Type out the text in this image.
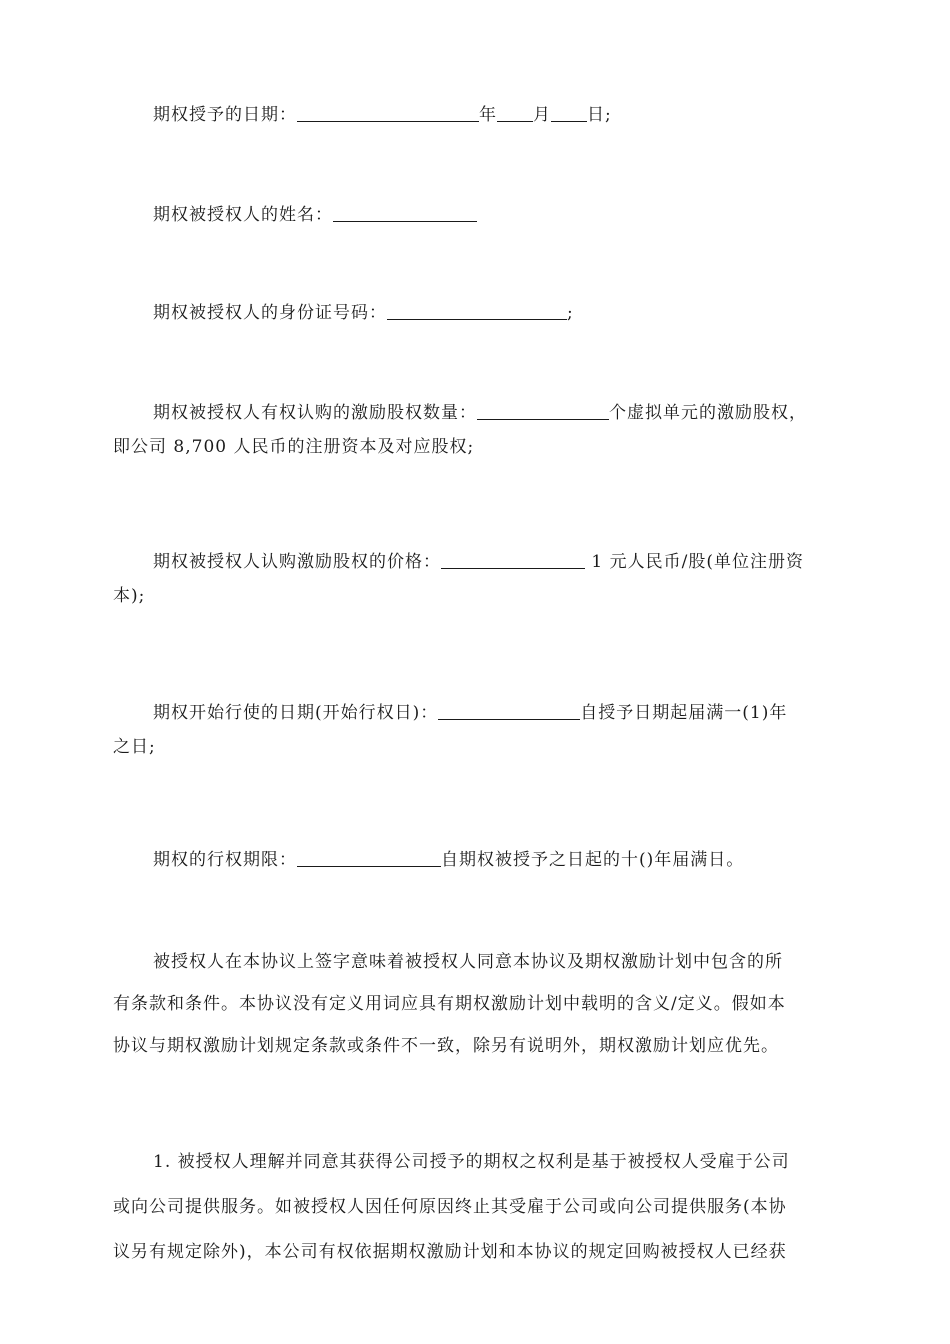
期权授予的日期：	年 月 日;
期权被授权人的姓名：
期权被授权人的身份证号码：	;
期权被授权人有权认购的激励股权数量：	个虚拟单元的激励股权，
即公司 8,700 人民币的注册资本及对应股权;
期权被授权人认购激励股权的价格：	1 元人民币/股(单位注册资
本);
期权开始行使的日期(开始行权日)：	自授予日期起届满一(1)年
之日;
期权的行权期限：	自期权被授予之日起的十()年届满日。
被授权人在本协议上签字意味着被授权人同意本协议及期权激励计划中包含的所
有条款和条件。本协议没有定义用词应具有期权激励计划中载明的含义/定义。假如本
协议与期权激励计划规定条款或条件不一致，除另有说明外，期权激励计划应优先。
1. 被授权人理解并同意其获得公司授予的期权之权利是基于被授权人受雇于公司
或向公司提供服务。如被授权人因任何原因终止其受雇于公司或向公司提供服务(本协
议另有规定除外)，本公司有权依据期权激励计划和本协议的规定回购被授权人已经获
